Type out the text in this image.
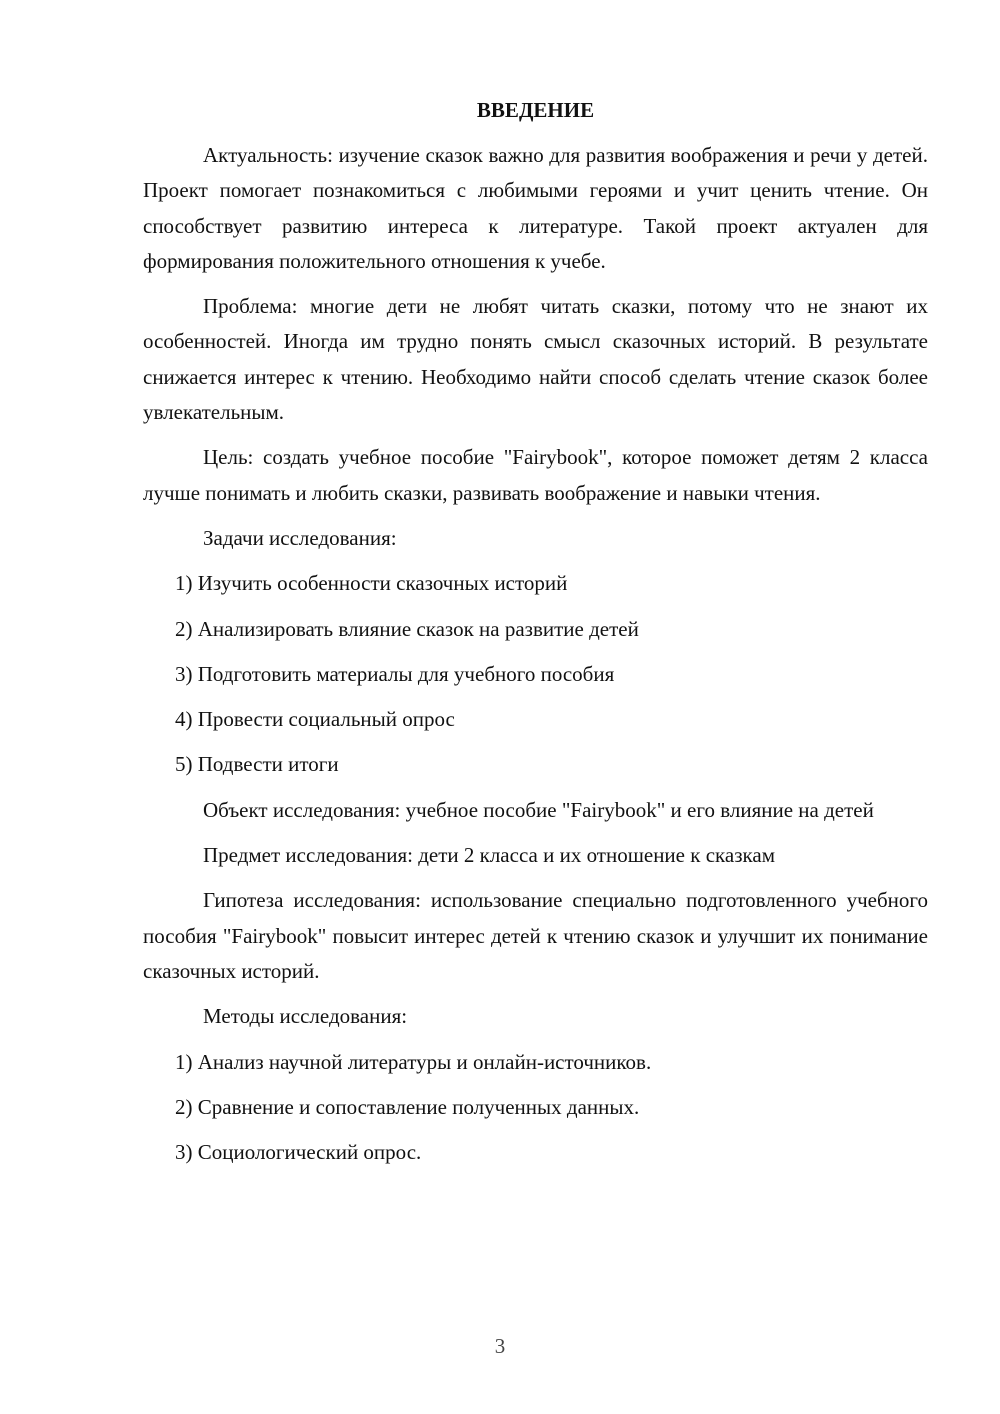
ВВЕДЕНИЕ

Актуальность: изучение сказок важно для развития воображения и речи у детей. Проект помогает познакомиться с любимыми героями и учит ценить чтение. Он способствует развитию интереса к литературе. Такой проект актуален для формирования положительного отношения к учебе.

Проблема: многие дети не любят читать сказки, потому что не знают их особенностей. Иногда им трудно понять смысл сказочных историй. В результате снижается интерес к чтению. Необходимо найти способ сделать чтение сказок более увлекательным.

Цель: создать учебное пособие "Fairybook", которое поможет детям 2 класса лучше понимать и любить сказки, развивать воображение и навыки чтения.

Задачи исследования:

1) Изучить особенности сказочных историй
2) Анализировать влияние сказок на развитие детей
3) Подготовить материалы для учебного пособия
4) Провести социальный опрос
5) Подвести итоги

Объект исследования: учебное пособие "Fairybook" и его влияние на детей

Предмет исследования: дети 2 класса и их отношение к сказкам

Гипотеза исследования: использование специально подготовленного учебного пособия "Fairybook" повысит интерес детей к чтению сказок и улучшит их понимание сказочных историй.

Методы исследования:

1) Анализ научной литературы и онлайн-источников.
2) Сравнение и сопоставление полученных данных.
3) Социологический опрос.
3
